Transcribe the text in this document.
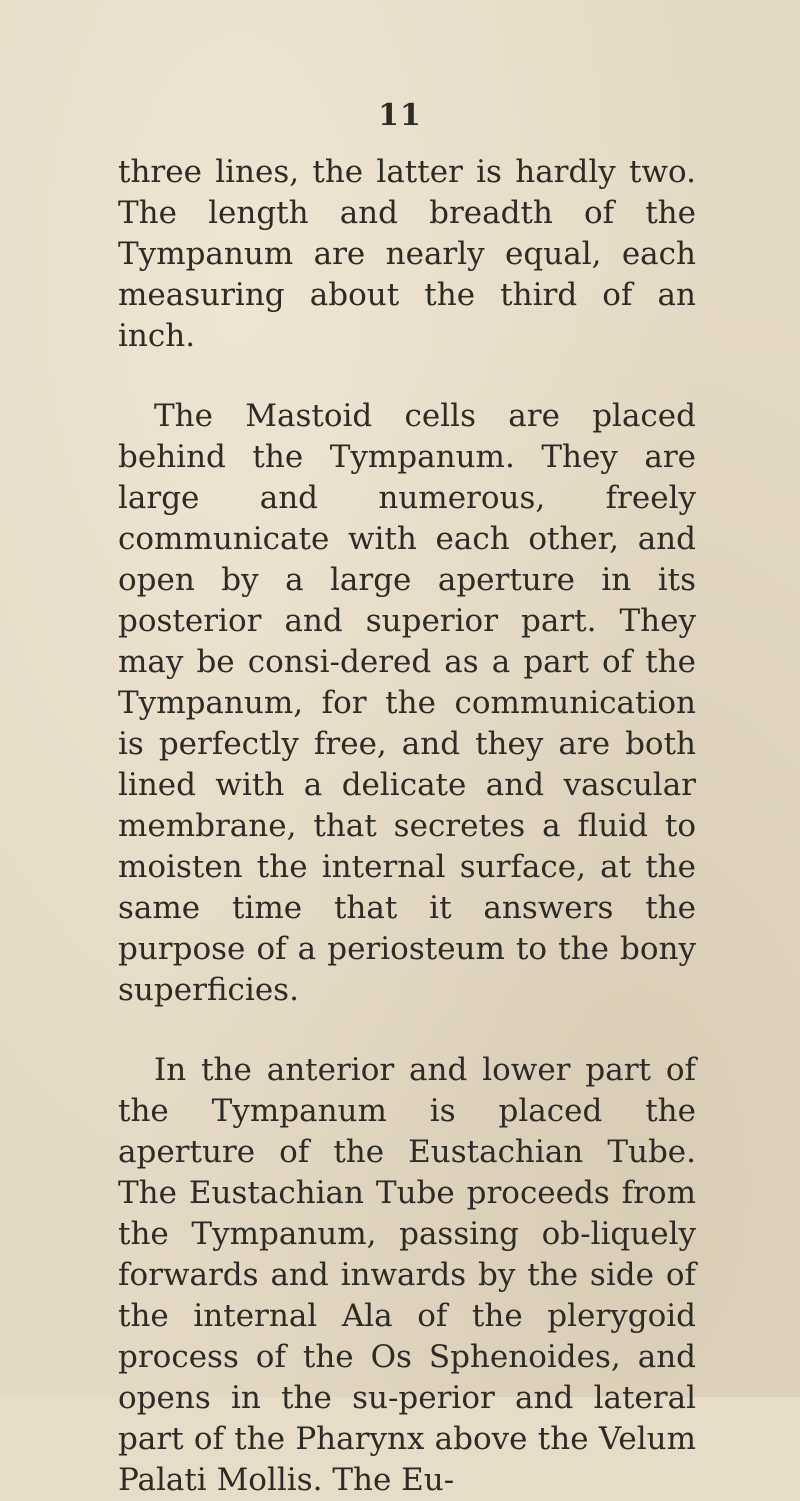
11

three lines, the latter is hardly two. The length and breadth of the Tympanum are nearly equal, each measuring about the third of an inch.

The Mastoid cells are placed behind the Tympanum. They are large and numerous, freely communicate with each other, and open by a large aperture in its posterior and superior part. They may be consi-dered as a part of the Tympanum, for the communication is perfectly free, and they are both lined with a delicate and vascular membrane, that secretes a fluid to moisten the internal surface, at the same time that it answers the purpose of a periosteum to the bony superficies.

In the anterior and lower part of the Tympanum is placed the aperture of the Eustachian Tube. The Eustachian Tube proceeds from the Tympanum, passing ob-liquely forwards and inwards by the side of the internal Ala of the plerygoid process of the Os Sphenoides, and opens in the su-perior and lateral part of the Pharynx above the Velum Palati Mollis. The Eu-
